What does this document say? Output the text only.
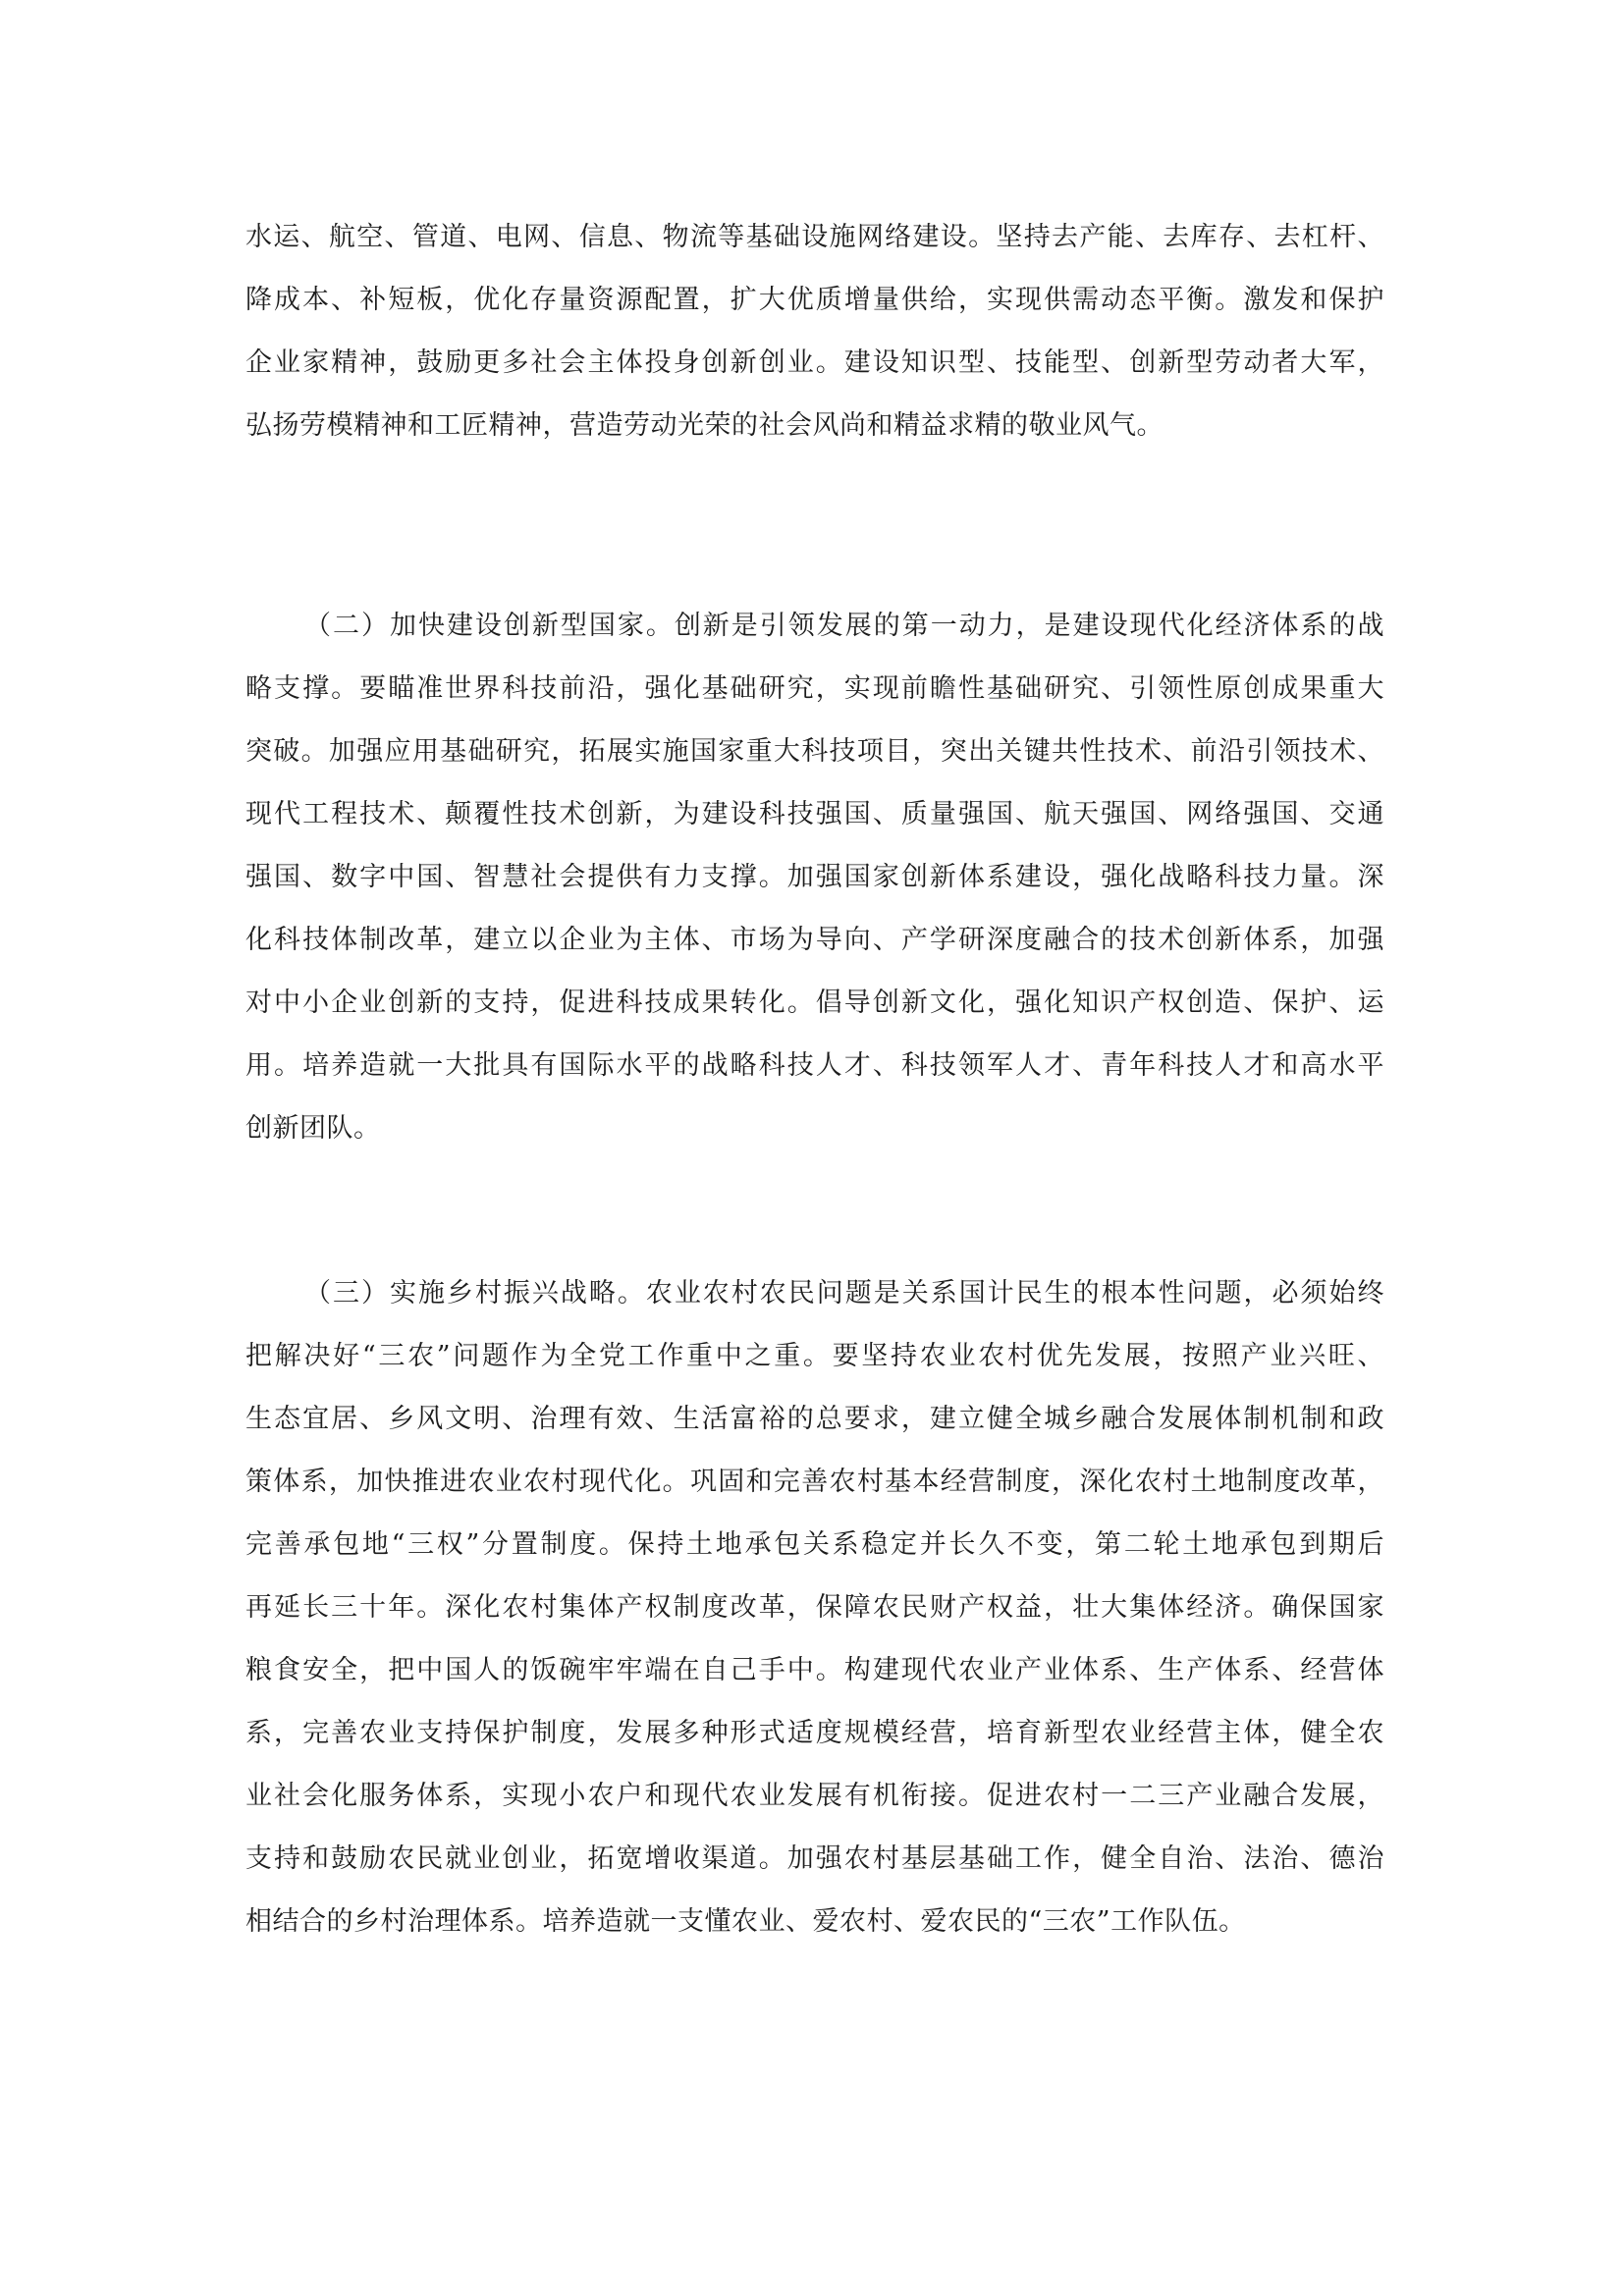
水运、航空、管道、电网、信息、物流等基础设施网络建设。坚持去产能、去库存、去杠杆、
降成本、补短板，优化存量资源配置，扩大优质增量供给，实现供需动态平衡。激发和保护
企业家精神，鼓励更多社会主体投身创新创业。建设知识型、技能型、创新型劳动者大军，
弘扬劳模精神和工匠精神，营造劳动光荣的社会风尚和精益求精的敬业风气。
（二）加快建设创新型国家。创新是引领发展的第一动力，是建设现代化经济体系的战
略支撑。要瞄准世界科技前沿，强化基础研究，实现前瞻性基础研究、引领性原创成果重大
突破。加强应用基础研究，拓展实施国家重大科技项目，突出关键共性技术、前沿引领技术、
现代工程技术、颠覆性技术创新，为建设科技强国、质量强国、航天强国、网络强国、交通
强国、数字中国、智慧社会提供有力支撑。加强国家创新体系建设，强化战略科技力量。深
化科技体制改革，建立以企业为主体、市场为导向、产学研深度融合的技术创新体系，加强
对中小企业创新的支持，促进科技成果转化。倡导创新文化，强化知识产权创造、保护、运
用。培养造就一大批具有国际水平的战略科技人才、科技领军人才、青年科技人才和高水平
创新团队。
（三）实施乡村振兴战略。农业农村农民问题是关系国计民生的根本性问题，必须始终
把解决好“三农”问题作为全党工作重中之重。要坚持农业农村优先发展，按照产业兴旺、
生态宜居、乡风文明、治理有效、生活富裕的总要求，建立健全城乡融合发展体制机制和政
策体系，加快推进农业农村现代化。巩固和完善农村基本经营制度，深化农村土地制度改革，
完善承包地“三权”分置制度。保持土地承包关系稳定并长久不变，第二轮土地承包到期后
再延长三十年。深化农村集体产权制度改革，保障农民财产权益，壮大集体经济。确保国家
粮食安全，把中国人的饭碗牢牢端在自己手中。构建现代农业产业体系、生产体系、经营体
系，完善农业支持保护制度，发展多种形式适度规模经营，培育新型农业经营主体，健全农
业社会化服务体系，实现小农户和现代农业发展有机衔接。促进农村一二三产业融合发展，
支持和鼓励农民就业创业，拓宽增收渠道。加强农村基层基础工作，健全自治、法治、德治
相结合的乡村治理体系。培养造就一支懂农业、爱农村、爱农民的“三农”工作队伍。
